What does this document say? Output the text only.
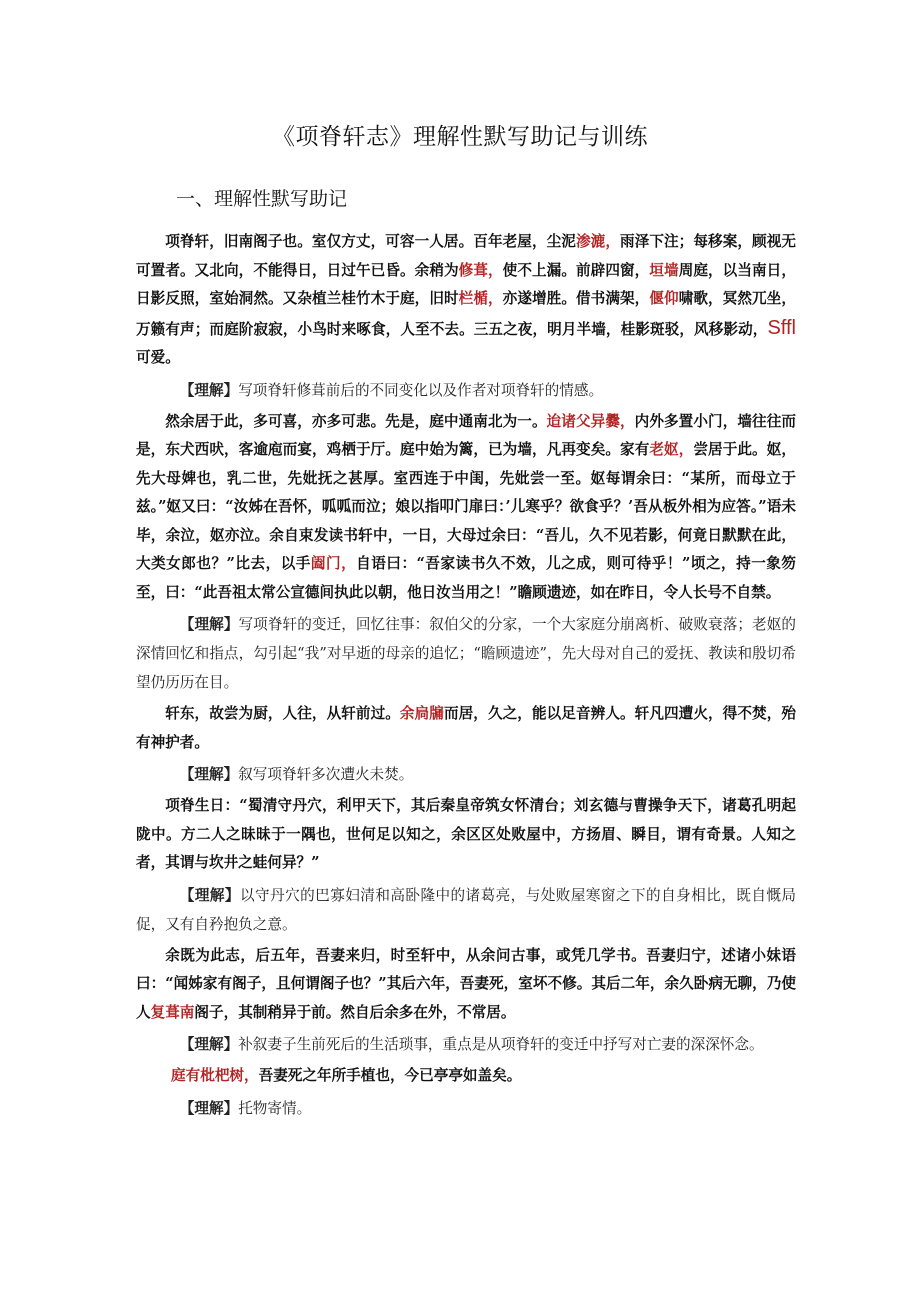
《项脊轩志》理解性默写助记与训练
一、理解性默写助记

项脊轩，旧南阁子也。室仅方丈，可容一人居。百年老屋，尘泥渗漉，雨泽下注；每移案，顾视无可置者。又北向，不能得日，日过午已昏。余稍为修葺，使不上漏。前辟四窗，垣墙周庭，以当南日，日影反照，室始洞然。又杂植兰桂竹木于庭，旧时栏楯，亦遂增胜。借书满架，偃仰啸歌，冥然兀坐，万籁有声；而庭阶寂寂，小鸟时来啄食，人至不去。三五之夜，明月半墙，桂影斑驳，风移影动，Sffl 可爱。

【理解】写项脊轩修葺前后的不同变化以及作者对项脊轩的情感。

然余居于此，多可喜，亦多可悲。先是，庭中通南北为一。迨诸父异爨，内外多置小门，墙往往而是，东犬西吠，客逾庖而宴，鸡栖于厅。庭中始为篱，已为墙，凡再变矣。家有老妪，尝居于此。妪，先大母婢也，乳二世，先妣抚之甚厚。室西连于中闺，先妣尝一至。妪每谓余曰：“某所，而母立于兹。”妪又曰：“汝姊在吾怀，呱呱而泣；娘以指叩门扉曰：’儿寒乎？欲食乎？’吾从板外相为应答。”语未毕，余泣，妪亦泣。余自束发读书轩中，一日，大母过余曰：“吾儿，久不见若影，何竟日默默在此，大类女郎也？”比去，以手阖门，自语曰：“吾家读书久不效，儿之成，则可待乎！”顷之，持一象笏至，曰：“此吾祖太常公宣德间执此以朝，他日汝当用之！”瞻顾遗迹，如在昨日，令人长号不自禁。

【理解】写项脊轩的变迁，回忆往事：叙伯父的分家，一个大家庭分崩离析、破败衰落；老妪的深情回忆和指点，勾引起“我”对早逝的母亲的追忆；“瞻顾遗迹”，先大母对自己的爱抚、教读和殷切希望仍历历在目。

轩东，故尝为厨，人往，从轩前过。余扃牖而居，久之，能以足音辨人。轩凡四遭火，得不焚，殆有神护者。

【理解】叙写项脊轩多次遭火未焚。

项脊生日：“蜀清守丹穴，利甲天下，其后秦皇帝筑女怀清台；刘玄德与曹操争天下，诸葛孔明起陇中。方二人之昧昧于一隅也，世何足以知之，余区区处败屋中，方扬眉、瞬目，谓有奇景。人知之者，其谓与坎井之蛙何异？”

【理解】以守丹穴的巴寡妇清和高卧隆中的诸葛亮，与处败屋寒窗之下的自身相比，既自慨局促，又有自矜抱负之意。

余既为此志，后五年，吾妻来归，时至轩中，从余问古事，或凭几学书。吾妻归宁，述诸小妹语曰：“闻姊家有阁子，且何谓阁子也？”其后六年，吾妻死，室坏不修。其后二年，余久卧病无聊，乃使人复葺南阁子，其制稍异于前。然自后余多在外，不常居。

【理解】补叙妻子生前死后的生活琐事，重点是从项脊轩的变迁中抒写对亡妻的深深怀念。

庭有枇杷树，吾妻死之年所手植也，今已亭亭如盖矣。

【理解】托物寄情。
